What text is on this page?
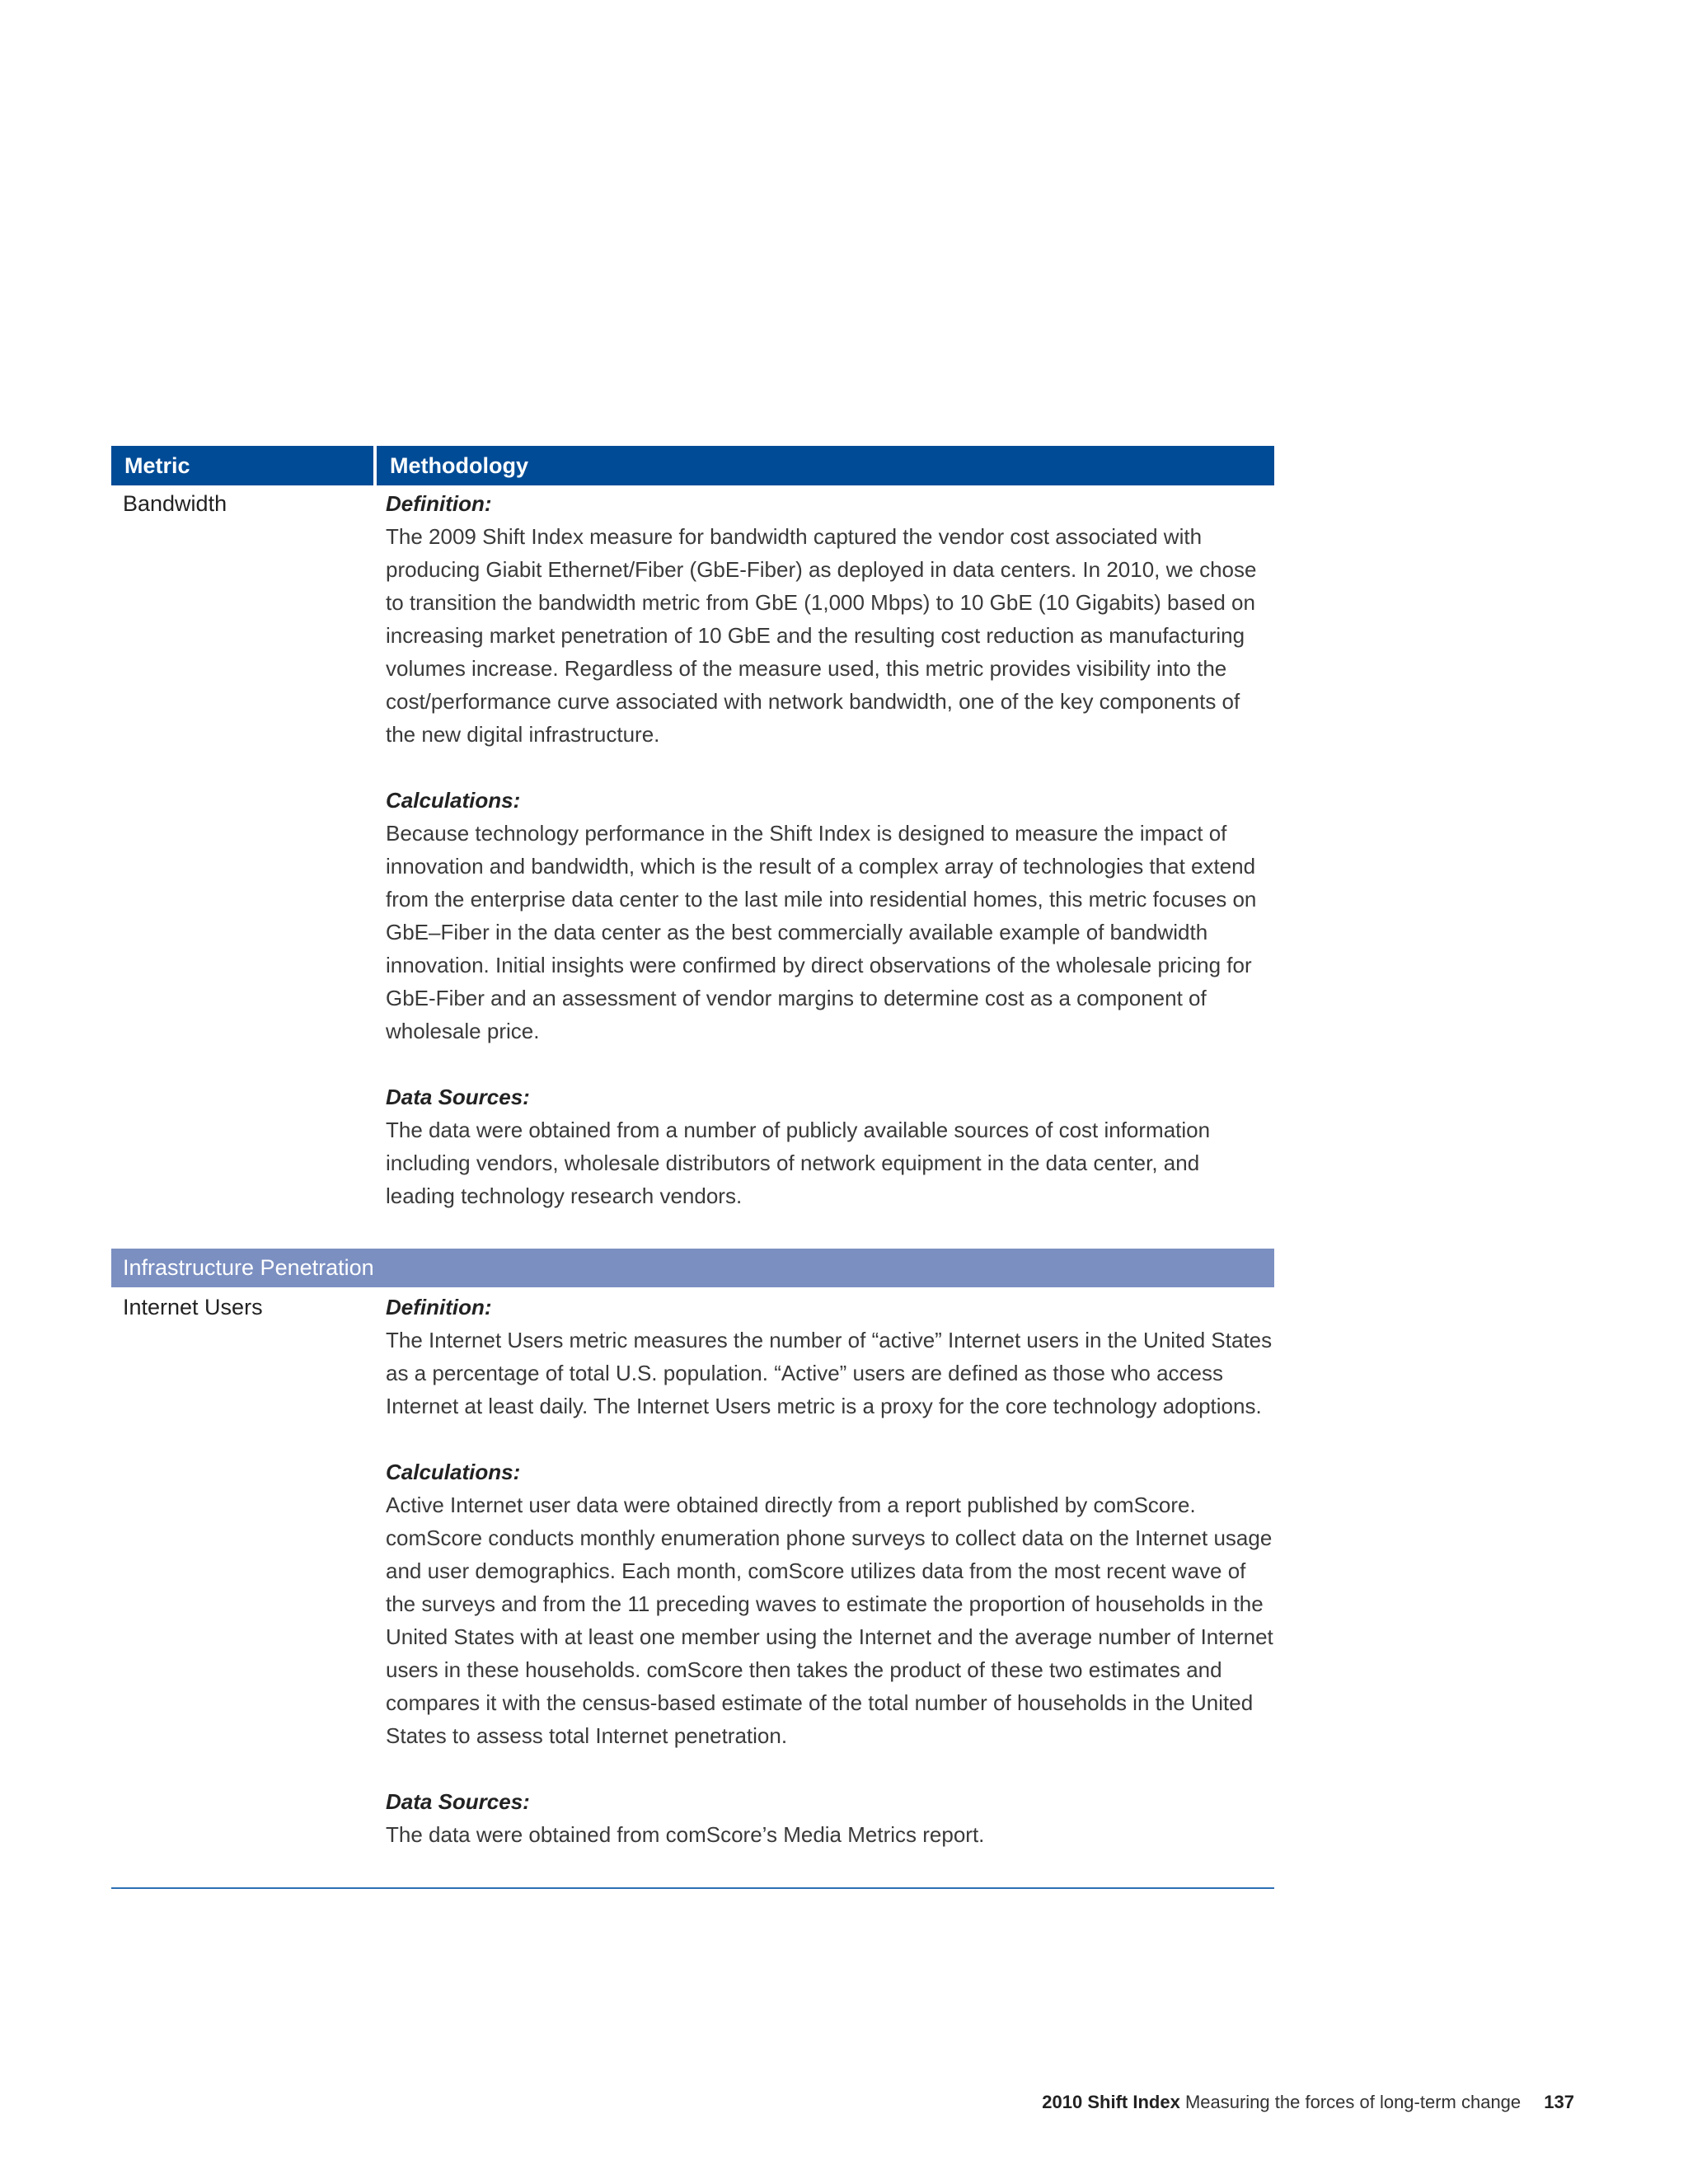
Metric	Methodology
Bandwidth	Definition:

The 2009 Shift Index measure for bandwidth captured the vendor cost associated with producing Giabit Ethernet/Fiber (GbE-Fiber) as deployed in data centers. In 2010, we chose to transition the bandwidth metric from GbE (1,000 Mbps) to 10 GbE (10 Gigabits) based on increasing market penetration of 10 GbE and the resulting cost reduction as manufacturing volumes increase. Regardless of the measure used, this metric provides visibility into the cost/performance curve associated with network bandwidth, one of the key components of the new digital infrastructure.

Calculations:

Because technology performance in the Shift Index is designed to measure the impact of innovation and bandwidth, which is the result of a complex array of technologies that extend from the enterprise data center to the last mile into residential homes, this metric focuses on GbE–Fiber in the data center as the best commercially available example of bandwidth innovation. Initial insights were confirmed by direct observations of the wholesale pricing for GbE-Fiber and an assessment of vendor margins to determine cost as a component of wholesale price.

Data Sources:

The data were obtained from a number of publicly available sources of cost information including vendors, wholesale distributors of network equipment in the data center, and leading technology research vendors.

Infrastructure Penetration
Internet Users	Definition:

The Internet Users metric measures the number of “active” Internet users in the United States as a percentage of total U.S. population. “Active” users are defined as those who access Internet at least daily. The Internet Users metric is a proxy for the core technology adoptions.

Calculations:

Active Internet user data were obtained directly from a report published by comScore. comScore conducts monthly enumeration phone surveys to collect data on the Internet usage and user demographics. Each month, comScore utilizes data from the most recent wave of the surveys and from the 11 preceding waves to estimate the proportion of households in the United States with at least one member using the Internet and the average number of Internet users in these households. comScore then takes the product of these two estimates and compares it with the census-based estimate of the total number of households in the United States to assess total Internet penetration.

Data Sources:

The data were obtained from comScore’s Media Metrics report.

2010 Shift Index Measuring the forces of long-term change 137
